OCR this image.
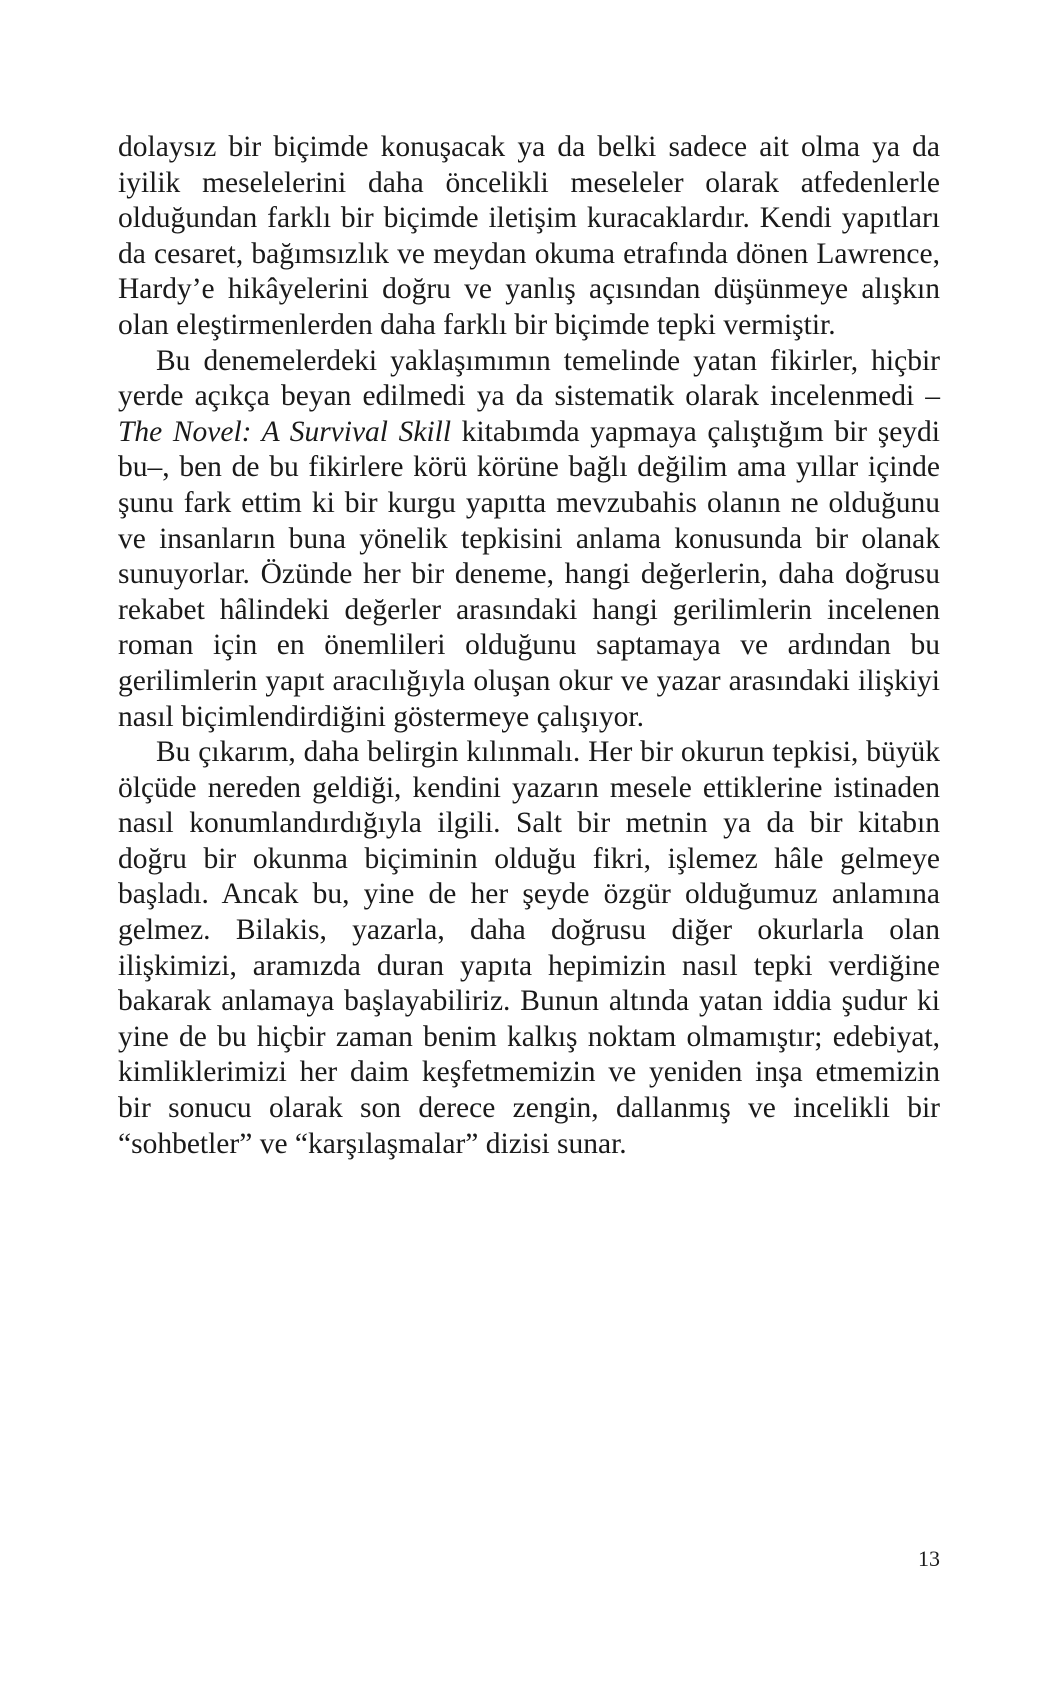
dolaysız bir biçimde konuşacak ya da belki sadece ait olma ya da iyilik meselelerini daha öncelikli meseleler olarak atfedenlerle olduğundan farklı bir biçimde iletişim kuracaklardır. Kendi yapıtları da cesaret, bağımsızlık ve meydan okuma etrafında dönen Lawrence, Hardy’e hikâyelerini doğru ve yanlış açısından düşünmeye alışkın olan eleştirmenlerden daha farklı bir biçimde tepki vermiştir.

Bu denemelerdeki yaklaşımımın temelinde yatan fikirler, hiçbir yerde açıkça beyan edilmedi ya da sistematik olarak incelenmedi –The Novel: A Survival Skill kitabımda yapmaya çalıştığım bir şeydi bu–, ben de bu fikirlere körü körüne bağlı değilim ama yıllar içinde şunu fark ettim ki bir kurgu yapıtta mevzubahis olanın ne olduğunu ve insanların buna yönelik tepkisini anlama konusunda bir olanak sunuyorlar. Özünde her bir deneme, hangi değerlerin, daha doğrusu rekabet hâlindeki değerler arasındaki hangi gerilimlerin incelenen roman için en önemlileri olduğunu saptamaya ve ardından bu gerilimlerin yapıt aracılığıyla oluşan okur ve yazar arasındaki ilişkiyi nasıl biçimlendirdiğini göstermeye çalışıyor.

Bu çıkarım, daha belirgin kılınmalı. Her bir okurun tepkisi, büyük ölçüde nereden geldiği, kendini yazarın mesele ettiklerine istinaden nasıl konumlandırdığıyla ilgili. Salt bir metnin ya da bir kitabın doğru bir okunma biçiminin olduğu fikri, işlemez hâle gelmeye başladı. Ancak bu, yine de her şeyde özgür olduğumuz anlamına gelmez. Bilakis, yazarla, daha doğrusu diğer okurlarla olan ilişkimizi, aramızda duran yapıta hepimizin nasıl tepki verdiğine bakarak anlamaya başlayabiliriz. Bunun altında yatan iddia şudur ki yine de bu hiçbir zaman benim kalkış noktam olmamıştır; edebiyat, kimliklerimizi her daim keşfetmemizin ve yeniden inşa etmemizin bir sonucu olarak son derece zengin, dallanmış ve incelikli bir “sohbetler” ve “karşılaşmalar” dizisi sunar.

13
